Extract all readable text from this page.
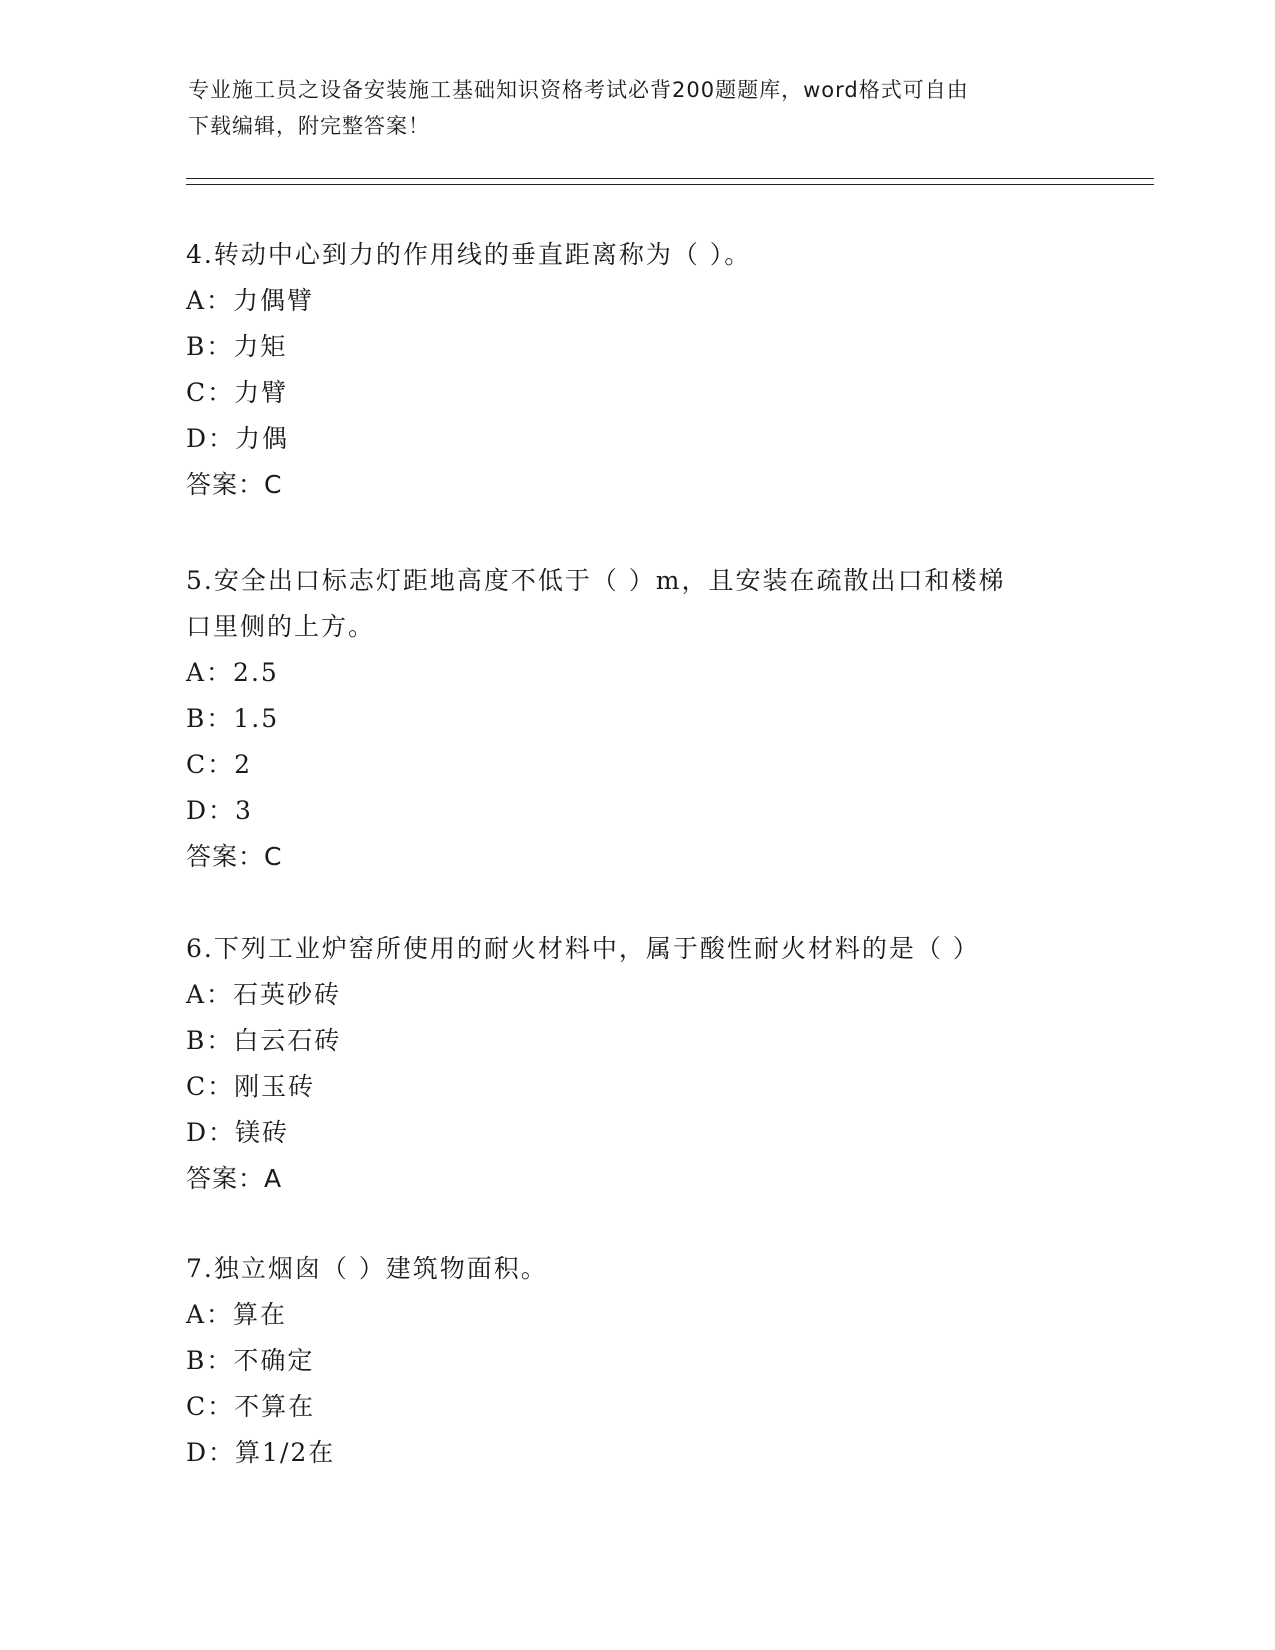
专业施工员之设备安装施工基础知识资格考试必背200题题库，word格式可自由
下载编辑，附完整答案！
4.转动中心到力的作用线的垂直距离称为（ ）。
A：力偶臂
B：力矩
C：力臂
D：力偶
答案：C
5.安全出口标志灯距地高度不低于（ ）m，且安装在疏散出口和楼梯
口里侧的上方。
A：2.5
B：1.5
C：2
D：3
答案：C
6.下列工业炉窑所使用的耐火材料中，属于酸性耐火材料的是（ ）
A：石英砂砖
B：白云石砖
C：刚玉砖
D：镁砖
答案：A
7.独立烟囱（ ）建筑物面积。
A：算在
B：不确定
C：不算在
D：算1/2在
